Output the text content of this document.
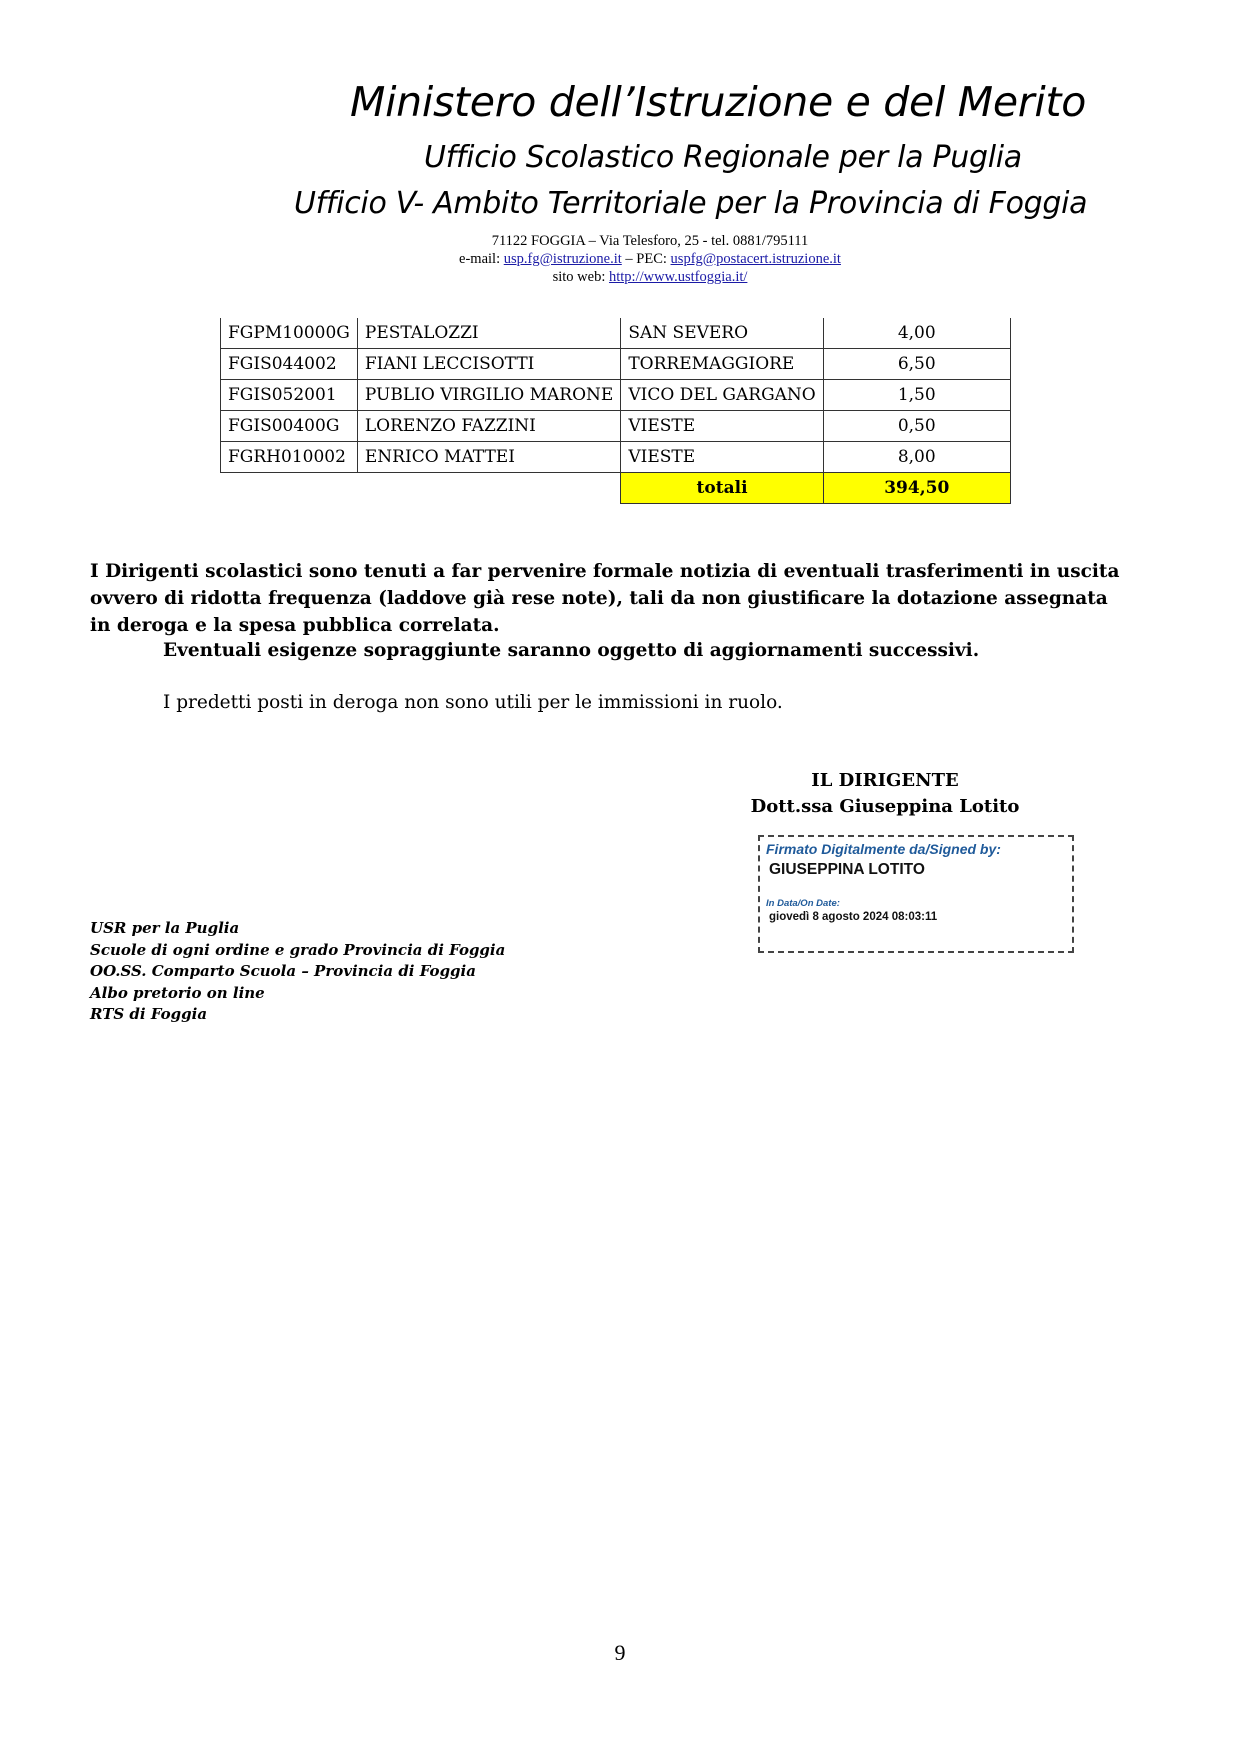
Ministero dell’Istruzione e del Merito
Ufficio Scolastico Regionale per la Puglia
Ufficio V- Ambito Territoriale per la Provincia di Foggia
71122 FOGGIA – Via Telesforo, 25 - tel. 0881/795111
e-mail: usp.fg@istruzione.it – PEC: uspfg@postacert.istruzione.it
sito web: http://www.ustfoggia.it/
FGPM10000G	PESTALOZZI	SAN SEVERO	4,00
FGIS044002	FIANI LECCISOTTI	TORREMAGGIORE	6,50
FGIS052001	PUBLIO VIRGILIO MARONE	VICO DEL GARGANO	1,50
FGIS00400G	LORENZO FAZZINI	VIESTE	0,50
FGRH010002	ENRICO MATTEI	VIESTE	8,00
		totali	394,50
I Dirigenti scolastici sono tenuti a far pervenire formale notizia di eventuali trasferimenti in uscita ovvero di ridotta frequenza (laddove già rese note), tali da non giustificare la dotazione assegnata in deroga e la spesa pubblica correlata.
Eventuali esigenze sopraggiunte saranno oggetto di aggiornamenti successivi.
I predetti posti in deroga non sono utili per le immissioni in ruolo.
IL DIRIGENTE
Dott.ssa Giuseppina Lotito
Firmato Digitalmente da/Signed by:
GIUSEPPINA LOTITO
In Data/On Date:
giovedì 8 agosto 2024 08:03:11
USR per la Puglia
Scuole di ogni ordine e grado Provincia di Foggia
OO.SS. Comparto Scuola – Provincia di Foggia
Albo pretorio on line
RTS di Foggia
9
